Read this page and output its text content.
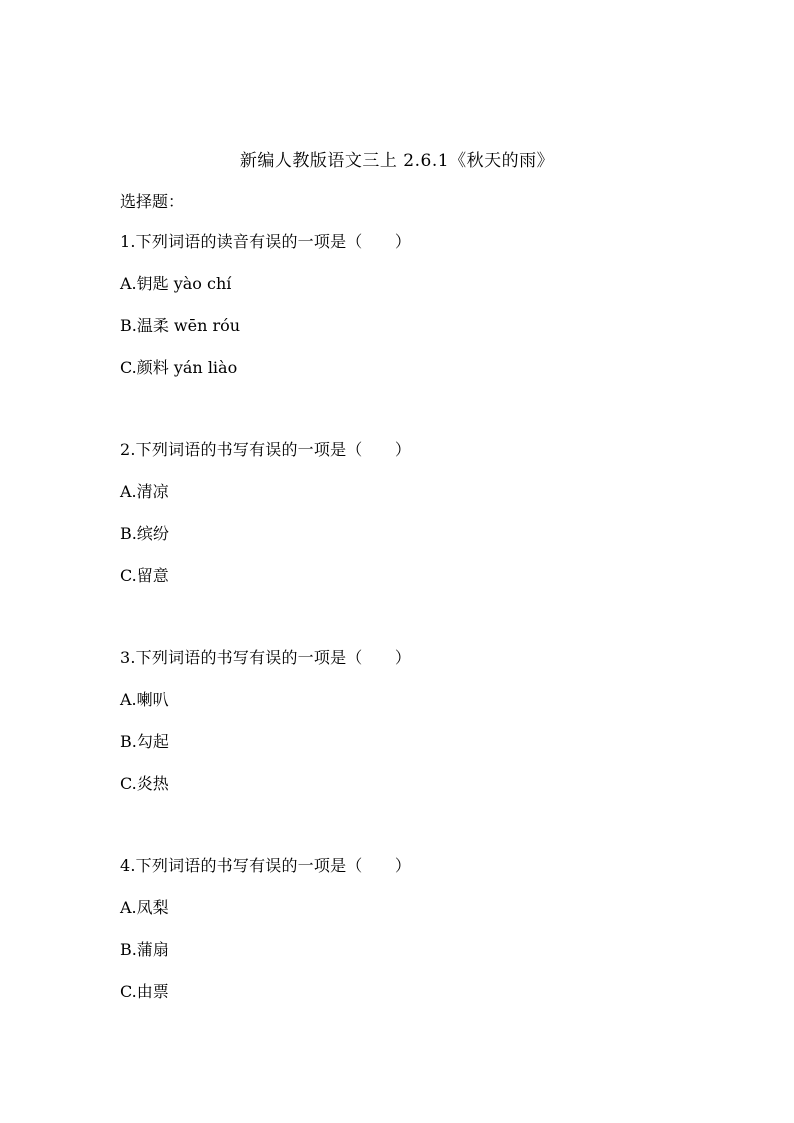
新编人教版语文三上 2.6.1《秋天的雨》
选择题：
1.下列词语的读音有误的一项是（　　）
A.钥匙 yào chí
B.温柔 wēn róu
C.颜料 yán liào
2.下列词语的书写有误的一项是（　　）
A.清凉
B.缤纷
C.留意
3.下列词语的书写有误的一项是（　　）
A.喇叭
B.勾起
C.炎热
4.下列词语的书写有误的一项是（　　）
A.凤梨
B.蒲扇
C.由票
